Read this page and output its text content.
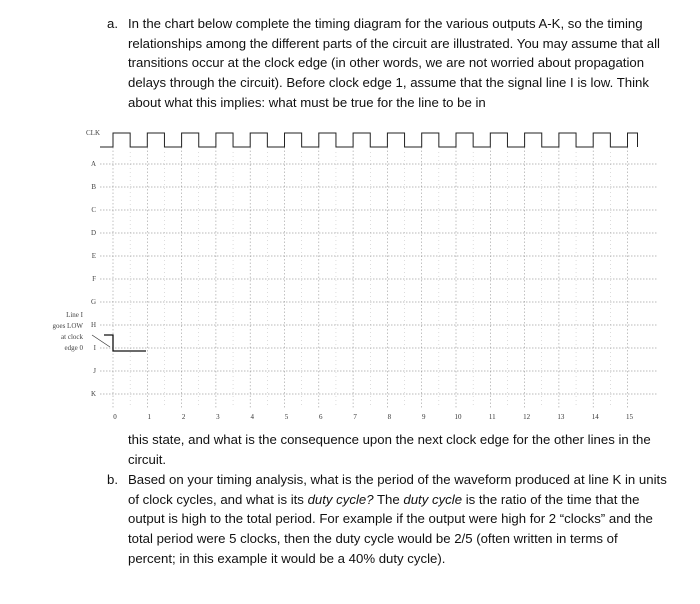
a. In the chart below complete the timing diagram for the various outputs A-K, so the timing relationships among the different parts of the circuit are illustrated. You may assume that all transitions occur at the clock edge (in other words, we are not worried about propagation delays through the circuit). Before clock edge 1, assume that the signal line I is low. Think about what this implies: what must be true for the line to be in

CLK
A
B
C
D
E
F
G
H
I
J
K
0	1	2	3	4	5	6	7	8	9	10	11	12	13	14	15
Line I
goes LOW
at clock
edge 0

this state, and what is the consequence upon the next clock edge for the other lines in the circuit.

b. Based on your timing analysis, what is the period of the waveform produced at line K in units of clock cycles, and what is its duty cycle? The duty cycle is the ratio of the time that the output is high to the total period. For example if the output were high for 2 “clocks” and the total period were 5 clocks, then the duty cycle would be 2/5 (often written in terms of percent; in this example it would be a 40% duty cycle).
